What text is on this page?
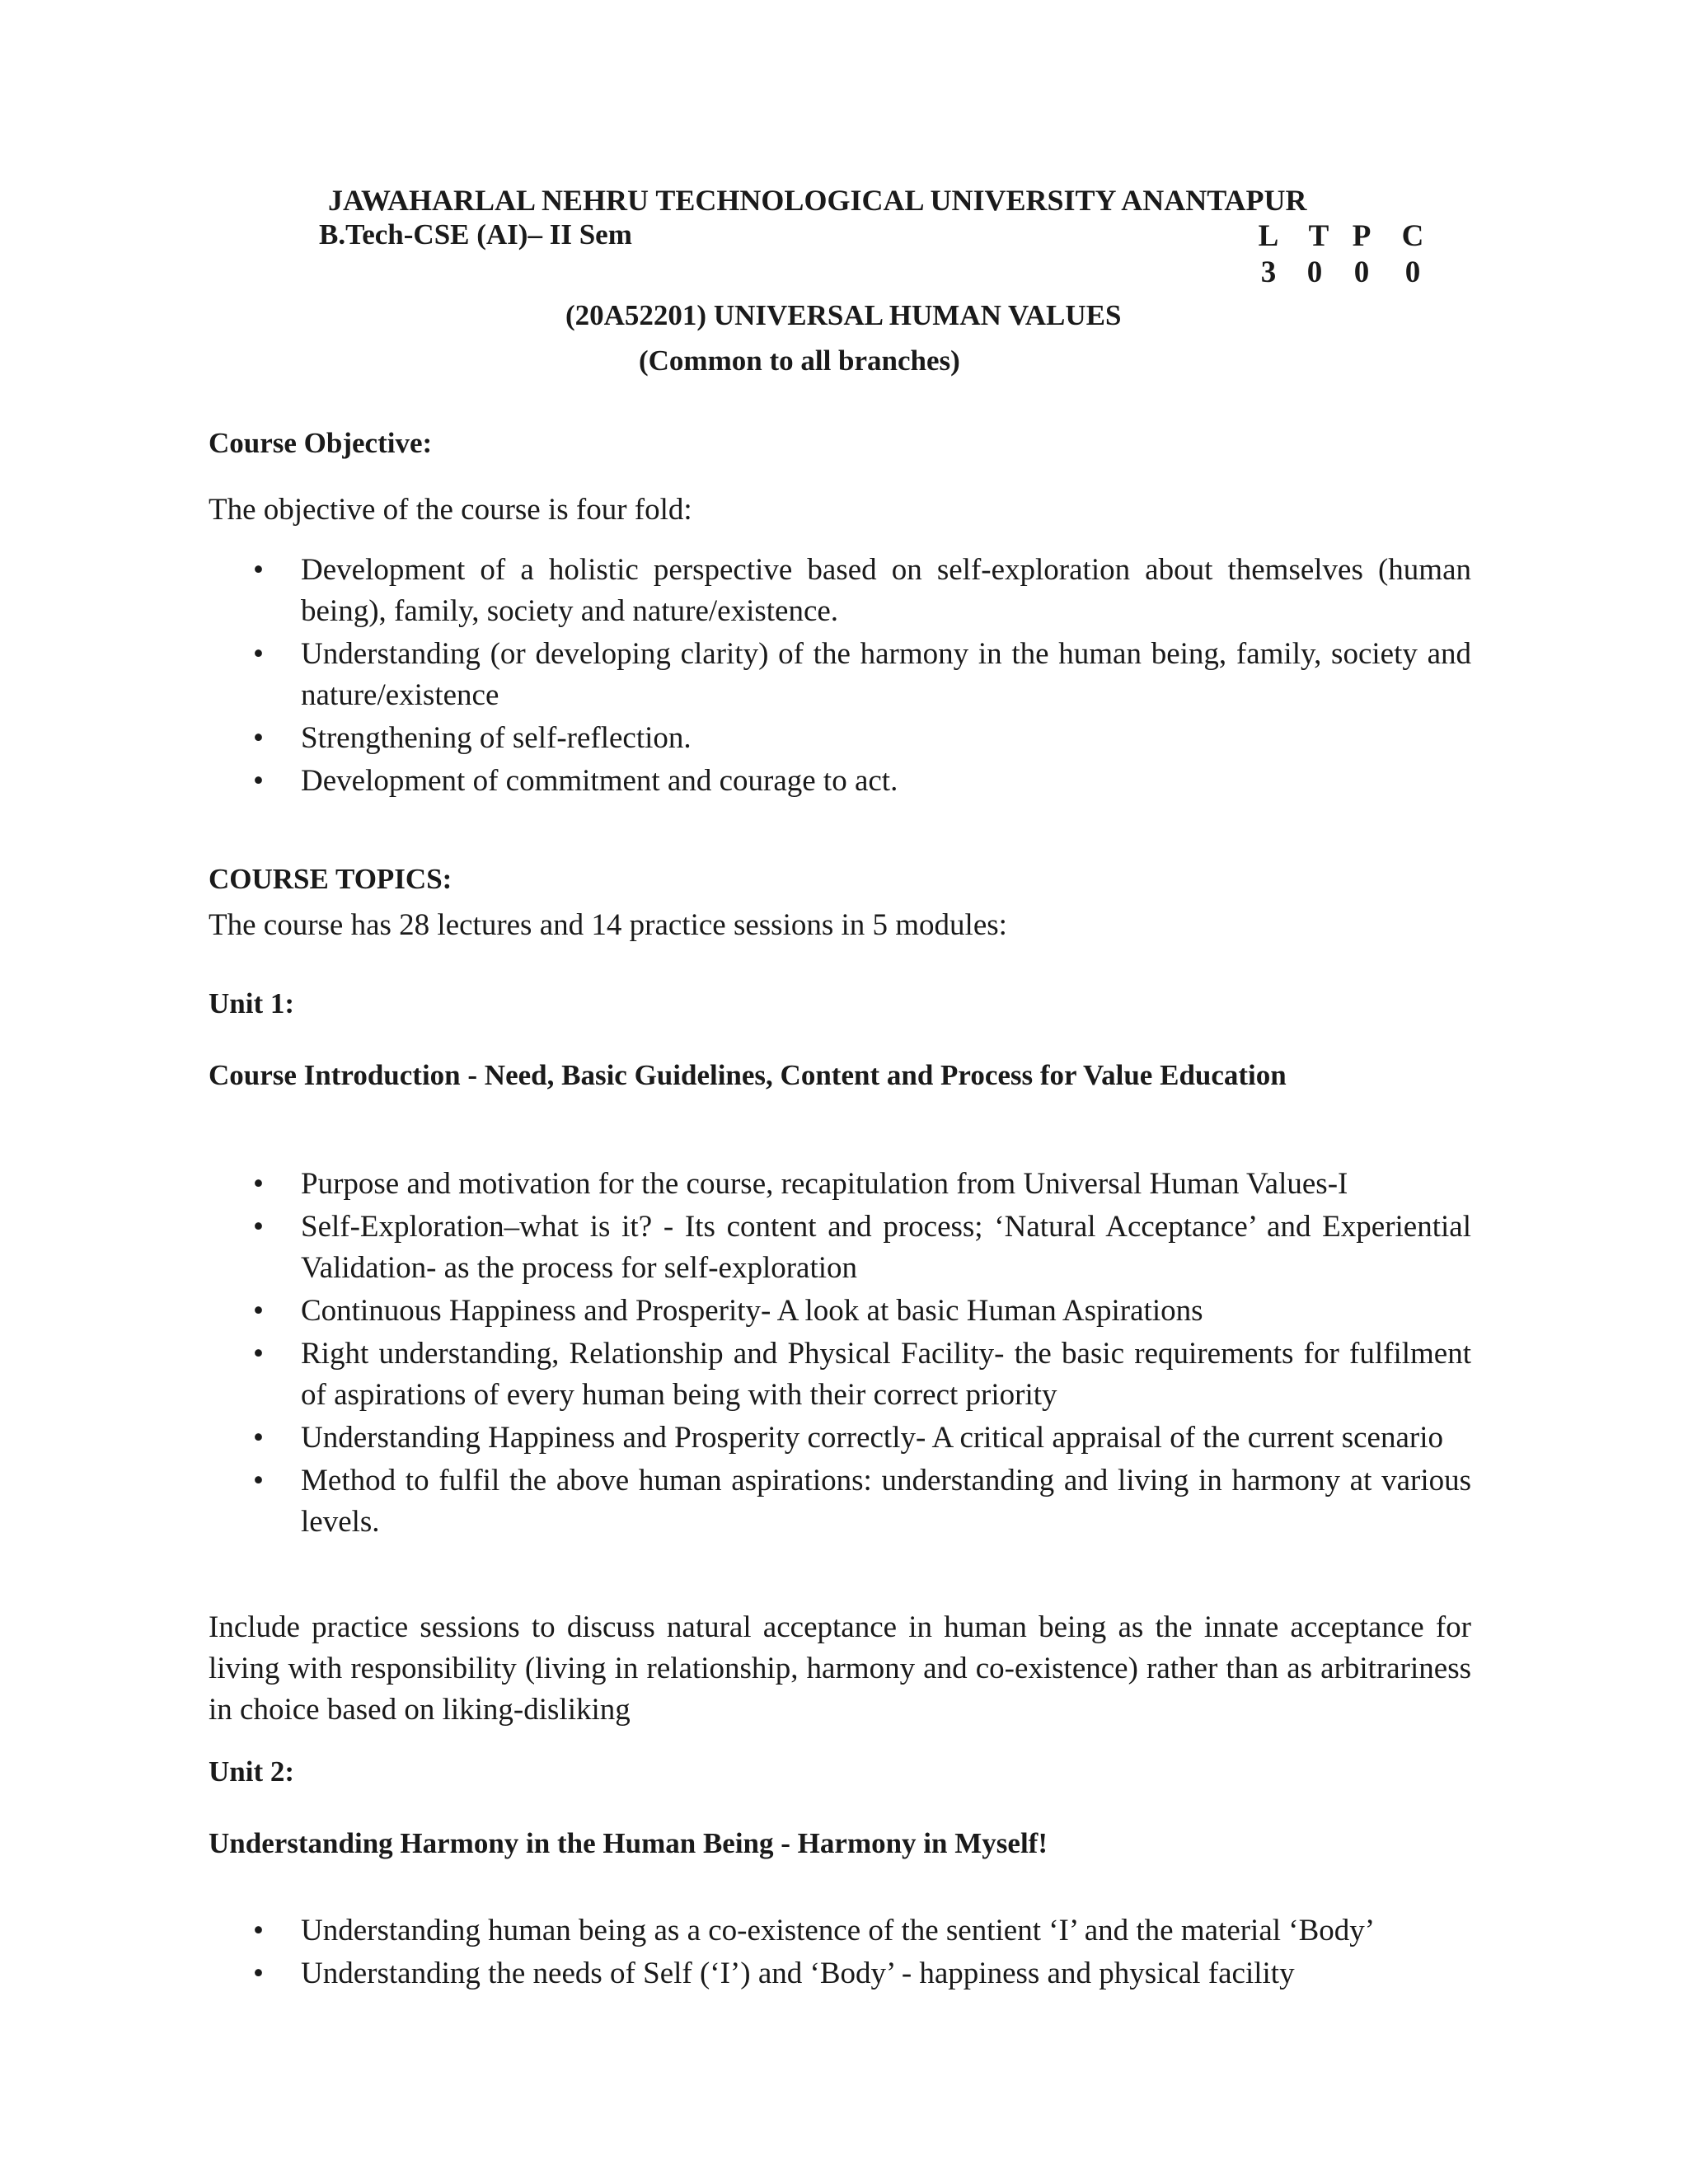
JAWAHARLAL NEHRU TECHNOLOGICAL UNIVERSITY ANANTAPUR

B.Tech-CSE (AI)– II Sem	L T P C
3 0 0 0

(20A52201) UNIVERSAL HUMAN VALUES

(Common to all branches)

Course Objective:

The objective of the course is four fold:

• Development of a holistic perspective based on self-exploration about themselves (human being), family, society and nature/existence.
• Understanding (or developing clarity) of the harmony in the human being, family, society and nature/existence
• Strengthening of self-reflection.
• Development of commitment and courage to act.

COURSE TOPICS:

The course has 28 lectures and 14 practice sessions in 5 modules:

Unit 1:

Course Introduction - Need, Basic Guidelines, Content and Process for Value Education

• Purpose and motivation for the course, recapitulation from Universal Human Values-I
• Self-Exploration–what is it? - Its content and process; ‘Natural Acceptance’ and Experiential Validation- as the process for self-exploration
• Continuous Happiness and Prosperity- A look at basic Human Aspirations
• Right understanding, Relationship and Physical Facility- the basic requirements for fulfilment of aspirations of every human being with their correct priority
• Understanding Happiness and Prosperity correctly- A critical appraisal of the current scenario
• Method to fulfil the above human aspirations: understanding and living in harmony at various levels.

Include practice sessions to discuss natural acceptance in human being as the innate acceptance for living with responsibility (living in relationship, harmony and co-existence) rather than as arbitrariness in choice based on liking-disliking

Unit 2:

Understanding Harmony in the Human Being - Harmony in Myself!

• Understanding human being as a co-existence of the sentient ‘I’ and the material ‘Body’
• Understanding the needs of Self (‘I’) and ‘Body’ - happiness and physical facility
